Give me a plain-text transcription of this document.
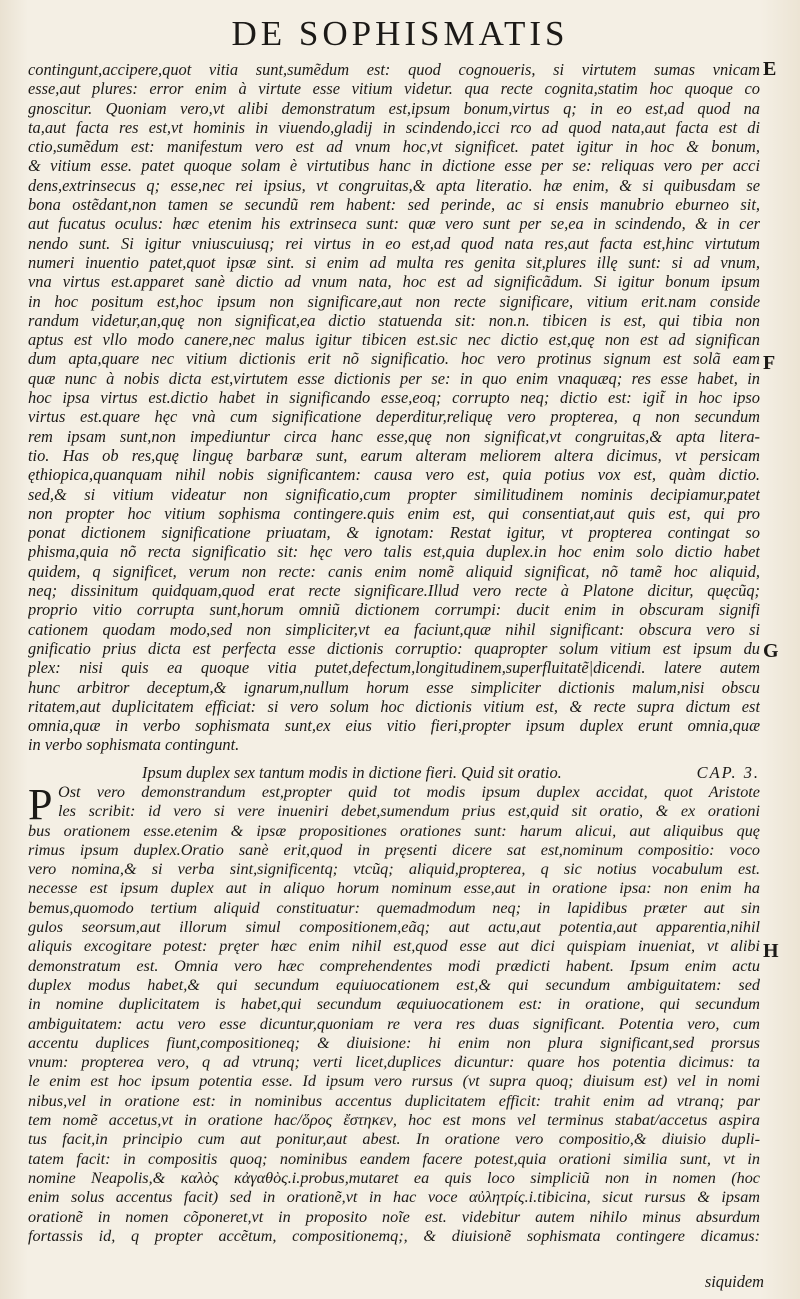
DE SOPHISMATIS
contingunt,accipere,quot vitia sunt,sumẽdum est: quod cognoueris, si virtutem sumas vnicam
esse,aut plures: error enim à virtute esse vitium videtur. qua recte cognita,statim hoc quoque co
gnoscitur. Quoniam vero,vt alibi demonstratum est,ipsum bonum,virtus q; in eo est,ad quod na
ta,aut facta res est,vt hominis in viuendo,gladij in scindendo,icci rco ad quod nata,aut facta est di
ctio,sumẽdum est: manifestum vero est ad vnum hoc,vt significet. patet igitur in hoc & bonum,
& vitium esse. patet quoque solam è virtutibus hanc in dictione esse per se: reliquas vero per acci
dens,extrinsecus q; esse,nec rei ipsius, vt congruitas,& apta literatio. hæ enim, & si quibusdam se
bona ostẽdant,non tamen se secundũ rem habent: sed perinde, ac si ensis manubrio eburneo sit,
aut fucatus oculus: hæc etenim his extrinseca sunt: quæ vero sunt per se,ea in scindendo, & in cer
nendo sunt. Si igitur vniuscuiusq; rei virtus in eo est,ad quod nata res,aut facta est,hinc virtutum
numeri inuentio patet,quot ipsæ sint. si enim ad multa res genita sit,plures illę sunt: si ad vnum,
vna virtus est.apparet sanè dictio ad vnum nata, hoc est ad significãdum. Si igitur bonum ipsum
in hoc positum est,hoc ipsum non significare,aut non recte significare, vitium erit.nam conside
randum videtur,an,quę non significat,ea dictio statuenda sit: non.n. tibicen is est, qui tibia non
aptus est vllo modo canere,nec malus igitur tibicen est.sic nec dictio est,quę non est ad significan
dum apta,quare nec vitium dictionis erit nõ significatio. hoc vero protinus signum est solã eam
quæ nunc à nobis dicta est,virtutem esse dictionis per se: in quo enim vnaquæq; res esse habet, in
hoc ipsa virtus est.dictio habet in significando esse,eoq; corrupto neq; dictio est: igit̃ in hoc ipso
virtus est.quare hęc vnà cum significatione deperditur,reliquę vero propterea, q non secundum
rem ipsam sunt,non impediuntur circa hanc esse,quę non significat,vt congruitas,& apta litera-
tio. Has ob res,quę linguę barbaræ sunt, earum alteram meliorem altera dicimus, vt persicam
ęthiopica,quanquam nihil nobis significantem: causa vero est, quia potius vox est, quàm dictio.
sed,& si vitium videatur non significatio,cum propter similitudinem nominis decipiamur,patet
non propter hoc vitium sophisma contingere.quis enim est, qui consentiat,aut quis est, qui pro
ponat dictionem significatione priuatam, & ignotam: Restat igitur, vt propterea contingat so
phisma,quia nõ recta significatio sit: hęc vero talis est,quia duplex.in hoc enim solo dictio habet
quidem, q significet, verum non recte: canis enim nomẽ aliquid significat, nõ tamẽ hoc aliquid,
neq; dissinitum quidquam,quod erat recte significare.Illud vero recte à Platone dicitur, quęcũq;
proprio vitio corrupta sunt,horum omniũ dictionem corrumpi: ducit enim in obscuram signifi
cationem quodam modo,sed non simpliciter,vt ea faciunt,quæ nihil significant: obscura vero si
gnificatio prius dicta est perfecta esse dictionis corruptio: quapropter solum vitium est ipsum du
plex: nisi quis ea quoque vitia putet,defectum,longitudinem,superfluitatẽ|dicendi. latere autem
hunc arbitror deceptum,& ignarum,nullum horum esse simpliciter dictionis malum,nisi obscu
ritatem,aut duplicitatem efficiat: si vero solum hoc dictionis vitium est, & recte supra dictum est
omnia,quæ in verbo sophismata sunt,ex eius vitio fieri,propter ipsum duplex erunt omnia,quæ
in verbo sophismata contingunt.
E
F
G
H
Ipsum duplex sex tantum modis in dictione fieri. Quid sit oratio.	CAP. 3.
P Ost vero demonstrandum est,propter quid tot modis ipsum duplex accidat, quot Aristote
les scribit: id vero si vere inueniri debet,sumendum prius est,quid sit oratio, & ex orationi
bus orationem esse.etenim & ipsæ propositiones orationes sunt: harum alicui, aut aliquibus quę
rimus ipsum duplex.Oratio sanè erit,quod in pręsenti dicere sat est,nominum compositio: voco
vero nomina,& si verba sint,significentq; vtcũq; aliquid,propterea, q sic notius vocabulum est.
necesse est ipsum duplex aut in aliquo horum nominum esse,aut in oratione ipsa: non enim ha
bemus,quomodo tertium aliquid constituatur: quemadmodum neq; in lapidibus præter aut sin
gulos seorsum,aut illorum simul compositionem,eãq; aut actu,aut potentia,aut apparentia,nihil
aliquis excogitare potest: pręter hæc enim nihil est,quod esse aut dici quispiam inueniat, vt alibi
demonstratum est. Omnia vero hæc comprehendentes modi prædicti habent. Ipsum enim actu
duplex modus habet,& qui secundum equiuocationem est,& qui secundum ambiguitatem: sed
in nomine duplicitatem is habet,qui secundum æquiuocationem est: in oratione, qui secundum
ambiguitatem: actu vero esse dicuntur,quoniam re vera res duas significant. Potentia vero, cum
accentu duplices fiunt,compositioneq; & diuisione: hi enim non plura significant,sed prorsus
vnum: propterea vero, q ad vtrunq; verti licet,duplices dicuntur: quare hos potentia dicimus: ta
le enim est hoc ipsum potentia esse. Id ipsum vero rursus (vt supra quoq; diuisum est) vel in nomi
nibus,vel in oratione est: in nominibus accentus duplicitatem efficit: trahit enim ad vtranq; par
tem nomẽ accetus,vt in oratione hac/ὅρος ἔστηκεν, hoc est mons vel terminus stabat/accetus aspira
tus facit,in principio cum aut ponitur,aut abest. In oratione vero compositio,& diuisio dupli-
tatem facit: in compositis quoq; nominibus eandem facere potest,quia orationi similia sunt, vt in
nomine Neapolis,& καλὸς κἀγαθὸς.i.probus,mutaret ea quis loco simpliciũ non in nomen (hoc
enim solus accentus facit) sed in orationẽ,vt in hac voce αὐλητρίς.i.tibicina, sicut rursus & ipsam
orationẽ in nomen cõponeret,vt in proposito noĩe est. videbitur autem nihilo minus absurdum
fortassis id, q propter accẽtum, compositionemq;, & diuisionẽ sophismata contingere dicamus:
siquidem
